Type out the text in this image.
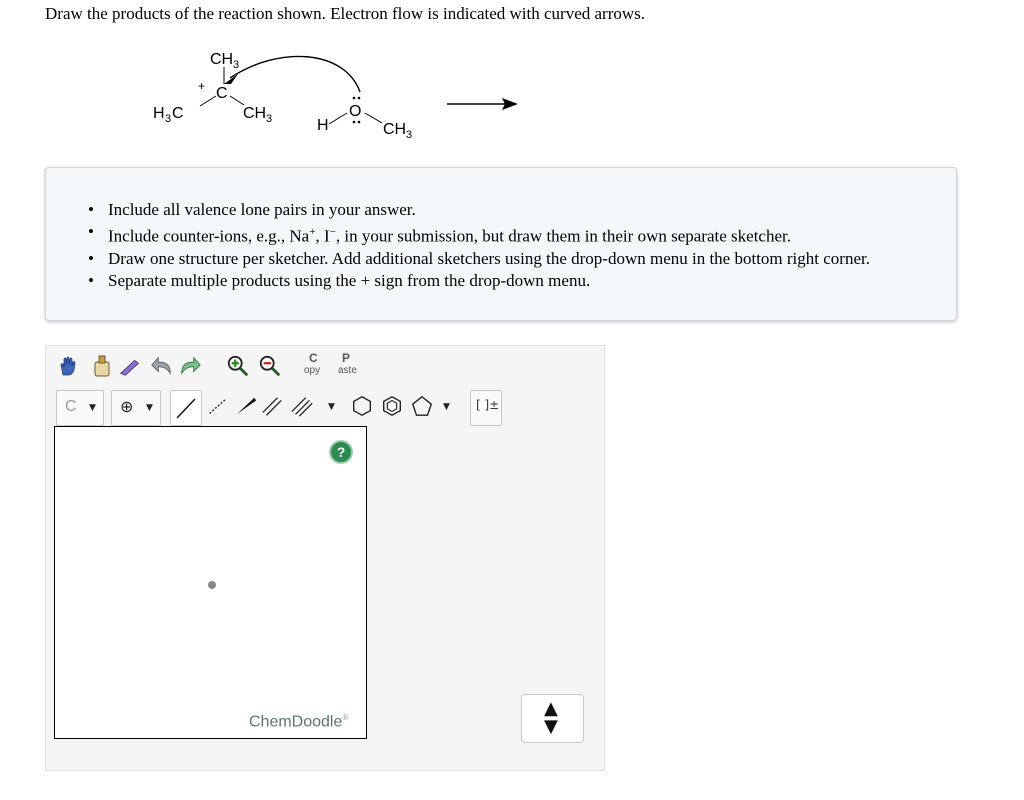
Draw the products of the reaction shown. Electron flow is indicated with curved arrows.
CH 3
+ C
H 3 C	CH 3	H
O
CH 3
• Include all valence lone pairs in your answer.
• Include counter-ions, e.g., Na+, I−, in your submission, but draw them in their own separate sketcher.
• Draw one structure per sketcher. Add additional sketchers using the drop-down menu in the bottom right corner.
• Separate multiple products using the + sign from the drop-down menu.
C
opy
P
aste
C ▼ ⊕ ▼	▼	▼ [ ]±
?
ChemDoodle®	▲
▼
